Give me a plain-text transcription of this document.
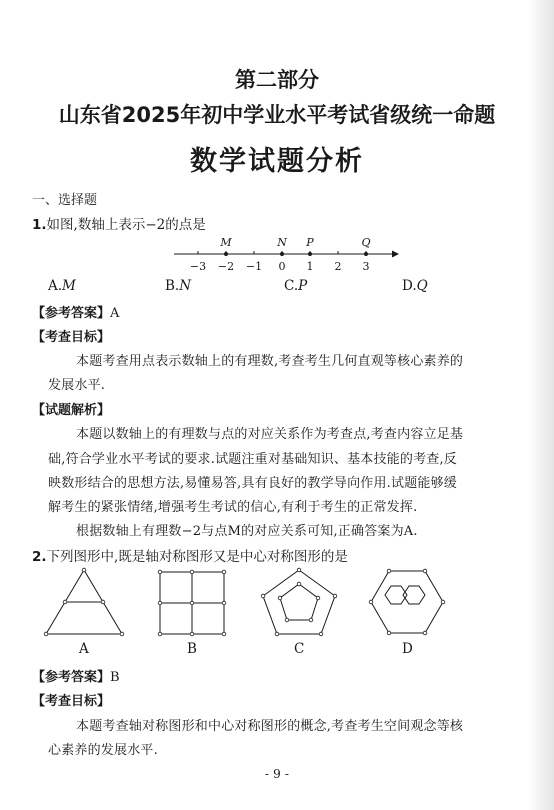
第二部分
山东省2025年初中学业水平考试省级统一命题
数学试题分析
一、选择题
1.如图,数轴上表示−2的点是
−3 −2 −1 0 1 2 3
M	N P	Q
A.M	B.N	C.P	D.Q
【参考答案】A
【考查目标】
本题考查用点表示数轴上的有理数,考查考生几何直观等核心素养的
发展水平.
【试题解析】
本题以数轴上的有理数与点的对应关系作为考查点,考查内容立足基
础,符合学业水平考试的要求.试题注重对基础知识、基本技能的考查,反
映数形结合的思想方法,易懂易答,具有良好的教学导向作用.试题能够缓
解考生的紧张情绪,增强考生考试的信心,有利于考生的正常发挥.
根据数轴上有理数−2与点M的对应关系可知,正确答案为A.
2.下列图形中,既是轴对称图形又是中心对称图形的是
A	B	C	D
【参考答案】B
【考查目标】
本题考查轴对称图形和中心对称图形的概念,考查考生空间观念等核
心素养的发展水平.
- 9 -
